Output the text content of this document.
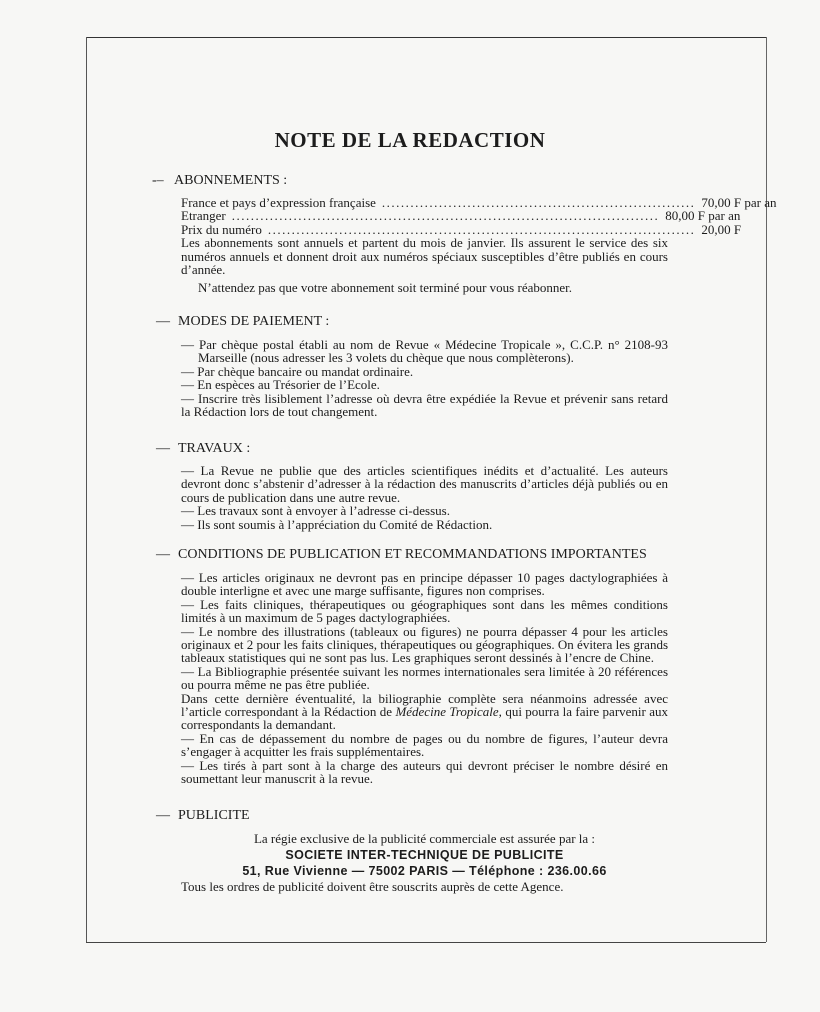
NOTE DE LA REDACTION
-– ABONNEMENTS :
France et pays d’expression française .................................................................. 70,00 F par an
Etranger .......................................................................................... 80,00 F par an
Prix du numéro .......................................................................................... 20,00 F

Les abonnements sont annuels et partent du mois de janvier. Ils assurent le service des six numéros annuels et donnent droit aux numéros spéciaux susceptibles d’être publiés en cours d’année.

N’attendez pas que votre abonnement soit terminé pour vous réabonner.

— MODES DE PAIEMENT :

— Par chèque postal établi au nom de Revue « Médecine Tropicale », C.C.P. n° 2108-93 Marseille (nous adresser les 3 volets du chèque que nous complèterons).

— Par chèque bancaire ou mandat ordinaire.

— En espèces au Trésorier de l’Ecole.

— Inscrire très lisiblement l’adresse où devra être expédiée la Revue et prévenir sans retard la Rédaction lors de tout changement.

— TRAVAUX :

— La Revue ne publie que des articles scientifiques inédits et d’actualité. Les auteurs devront donc s’abstenir d’adresser à la rédaction des manuscrits d’articles déjà publiés ou en cours de publication dans une autre revue.

— Les travaux sont à envoyer à l’adresse ci-dessus.

— Ils sont soumis à l’appréciation du Comité de Rédaction.

— CONDITIONS DE PUBLICATION ET RECOMMANDATIONS IMPORTANTES

— Les articles originaux ne devront pas en principe dépasser 10 pages dactylographiées à double interligne et avec une marge suffisante, figures non comprises.

— Les faits cliniques, thérapeutiques ou géographiques sont dans les mêmes conditions limités à un maximum de 5 pages dactylographiées.

— Le nombre des illustrations (tableaux ou figures) ne pourra dépasser 4 pour les articles originaux et 2 pour les faits cliniques, thérapeutiques ou géographiques. On évitera les grands tableaux statistiques qui ne sont pas lus. Les graphiques seront dessinés à l’encre de Chine.

— La Bibliographie présentée suivant les normes internationales sera limitée à 20 références ou pourra même ne pas être publiée.

Dans cette dernière éventualité, la biliographie complète sera néanmoins adressée avec l’article correspondant à la Rédaction de Médecine Tropicale, qui pourra la faire parvenir aux correspondants la demandant.

— En cas de dépassement du nombre de pages ou du nombre de figures, l’auteur devra s’engager à acquitter les frais supplémentaires.

— Les tirés à part sont à la charge des auteurs qui devront préciser le nombre désiré en soumettant leur manuscrit à la revue.

— PUBLICITE

La régie exclusive de la publicité commerciale est assurée par la :

SOCIETE INTER-TECHNIQUE DE PUBLICITE

51, Rue Vivienne — 75002 PARIS — Téléphone : 236.00.66

Tous les ordres de publicité doivent être souscrits auprès de cette Agence.
